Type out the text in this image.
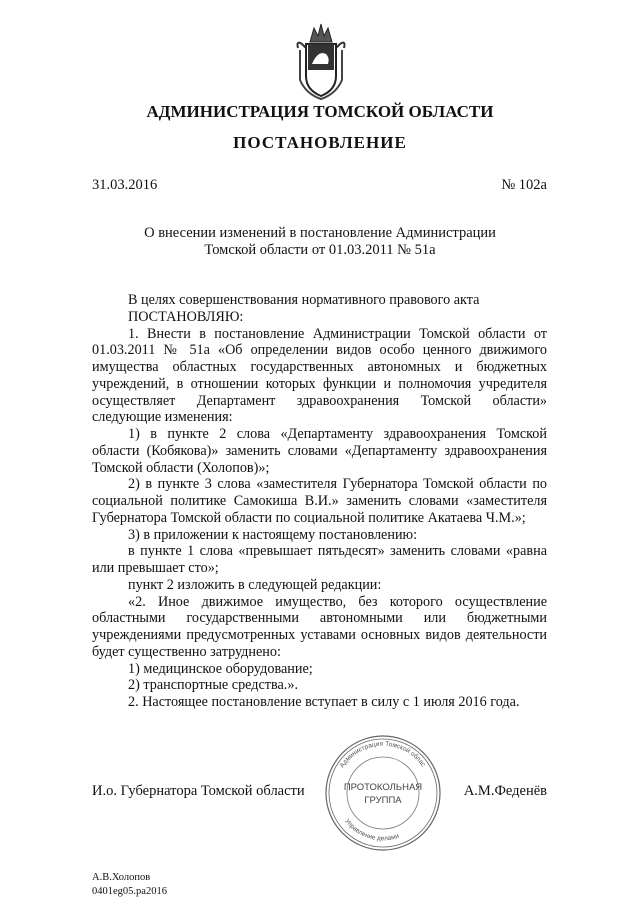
АДМИНИСТРАЦИЯ ТОМСКОЙ ОБЛАСТИ
ПОСТАНОВЛЕНИЕ
31.03.2016	№ 102а
О внесении изменений в постановление Администрации
Томской области от 01.03.2011 № 51а
В целях совершенствования нормативного правового акта
ПОСТАНОВЛЯЮ:
1. Внести в постановление Администрации Томской области от 01.03.2011 № 51а «Об определении видов особо ценного движимого имущества областных государственных автономных и бюджетных учреждений, в отношении которых функции и полномочия учредителя осуществляет Департамент здравоохранения Томской области» следующие изменения:
1) в пункте 2 слова «Департаменту здравоохранения Томской области (Кобякова)» заменить словами «Департаменту здравоохранения Томской области (Холопов)»;
2) в пункте 3 слова «заместителя Губернатора Томской области по социальной политике Самокиша В.И.» заменить словами «заместителя Губернатора Томской области по социальной политике Акатаева Ч.М.»;
3) в приложении к настоящему постановлению:
в пункте 1 слова «превышает пятьдесят» заменить словами «равна или превышает сто»;
пункт 2 изложить в следующей редакции:
«2. Иное движимое имущество, без которого осуществление областными государственными автономными или бюджетными учреждениями предусмотренных уставами основных видов деятельности будет существенно затруднено:
1) медицинское оборудование;
2) транспортные средства.».
2. Настоящее постановление вступает в силу с 1 июля 2016 года.
И.о. Губернатора Томской области
Администрация Томской облас
Управление делами
ПРОТОКОЛЬНАЯ
ГРУППА
А.М.Феденёв
А.В.Холопов
0401eg05.pa2016
